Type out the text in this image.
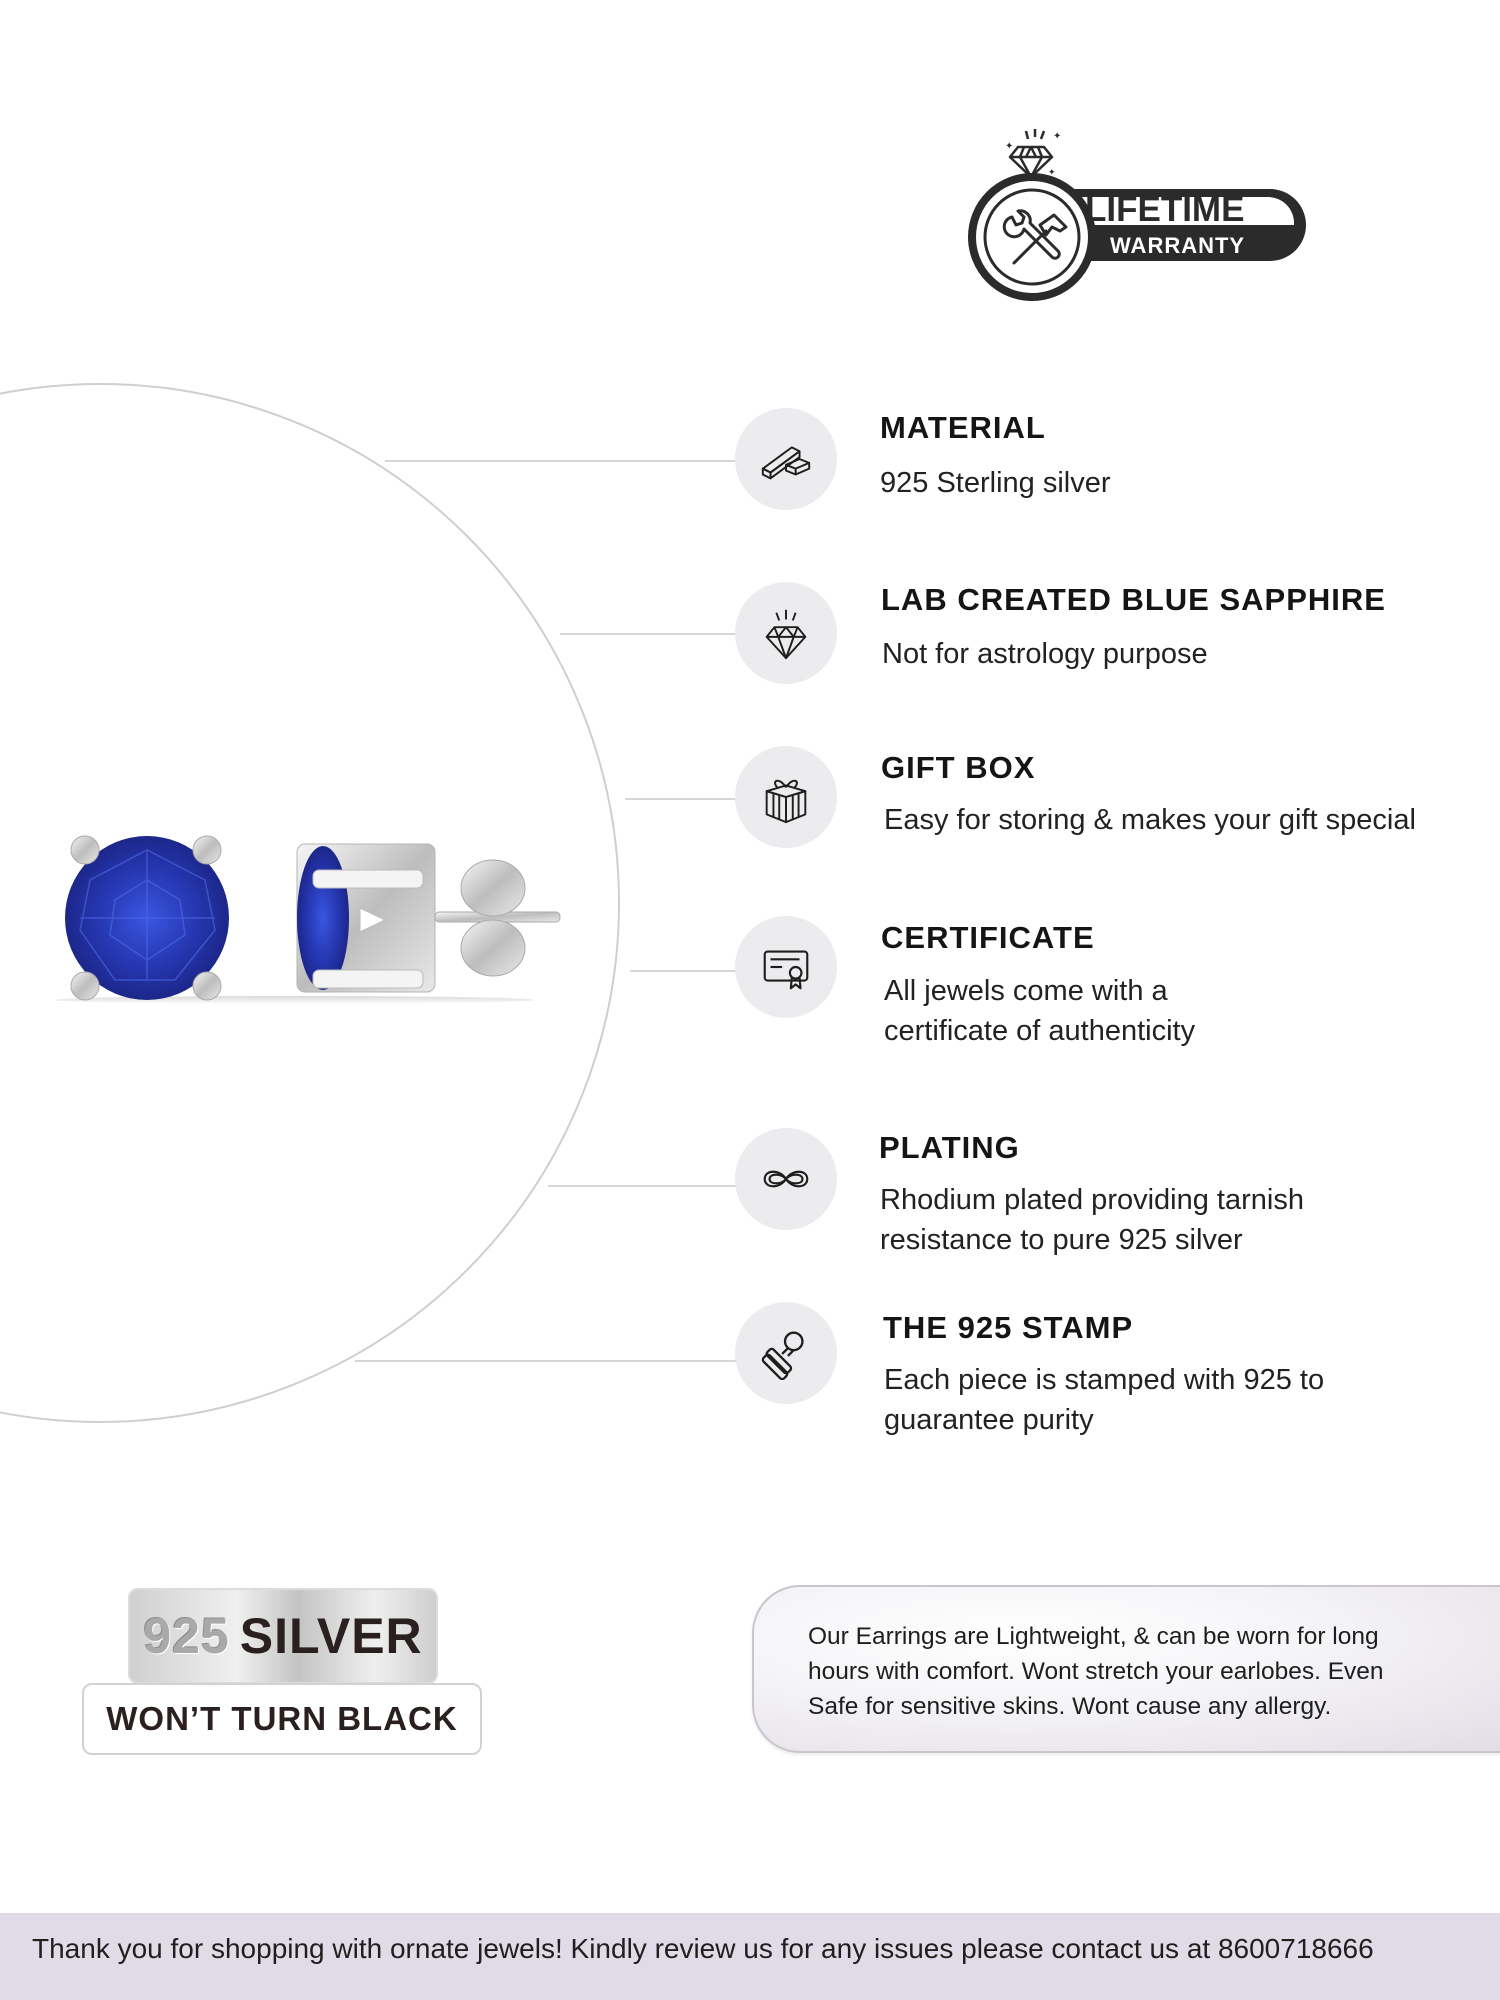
✦
✦
✦
LIFETIME
WARRANTY
MATERIAL
925 Sterling silver
LAB CREATED BLUE SAPPHIRE
Not for astrology purpose
GIFT BOX
Easy for storing & makes your gift special
CERTIFICATE
All jewels come with a
certificate of authenticity
PLATING
Rhodium plated providing tarnish
resistance to pure 925 silver
THE 925 STAMP
Each piece is stamped with 925 to
guarantee purity
925 SILVER
WON’T TURN BLACK
Our Earrings are Lightweight, & can be worn for long
hours with comfort. Wont stretch your earlobes. Even
Safe for sensitive skins. Wont cause any allergy.
Thank you for shopping with ornate jewels! Kindly review us for any issues please contact us at 8600718666
